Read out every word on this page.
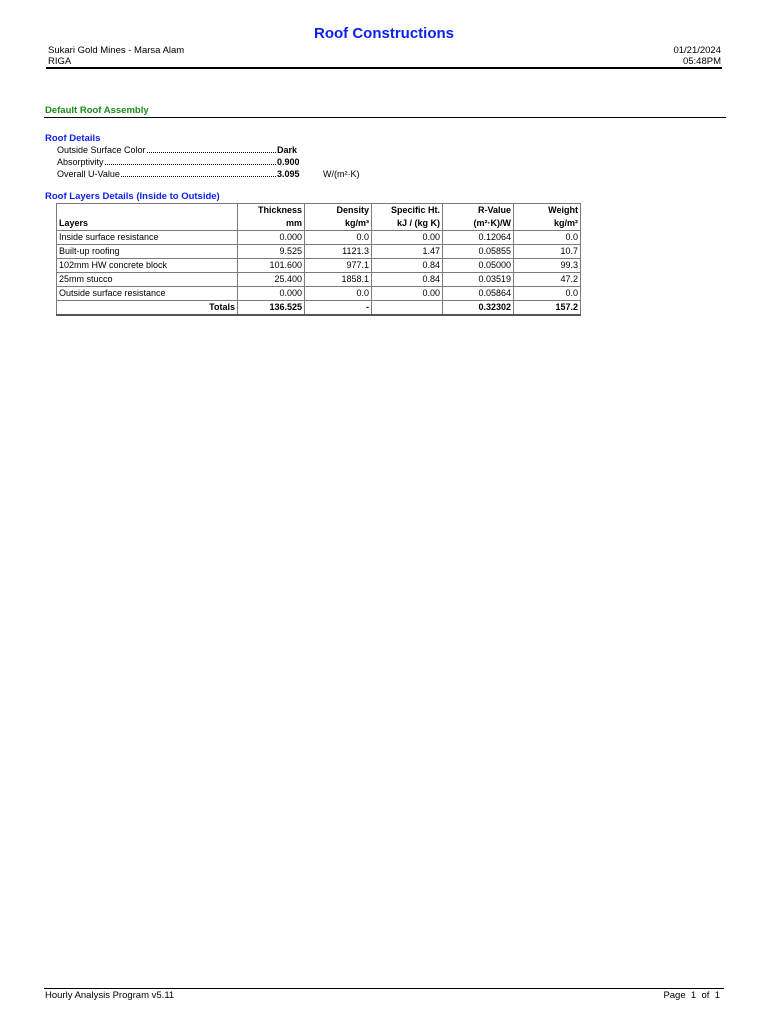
Roof Constructions
Sukari Gold Mines - Marsa Alam
RIGA
01/21/2024
05:48PM
Default Roof Assembly
Roof Details
Outside Surface Color	Dark
Absorptivity	0.900
Overall U-Value	3.095	W/(m²·K)
Roof Layers Details (Inside to Outside)
	Thickness	Density	Specific Ht.	R-Value	Weight
Layers	mm	kg/m³	kJ / (kg K)	(m²·K)/W	kg/m²
Inside surface resistance	0.000	0.0	0.00	0.12064	0.0
Built-up roofing	9.525	1121.3	1.47	0.05855	10.7
102mm HW concrete block	101.600	977.1	0.84	0.05000	99.3
25mm stucco	25.400	1858.1	0.84	0.03519	47.2
Outside surface resistance	0.000	0.0	0.00	0.05864	0.0
Totals	136.525	-		0.32302	157.2
Hourly Analysis Program v5.11	Page 1 of 1
